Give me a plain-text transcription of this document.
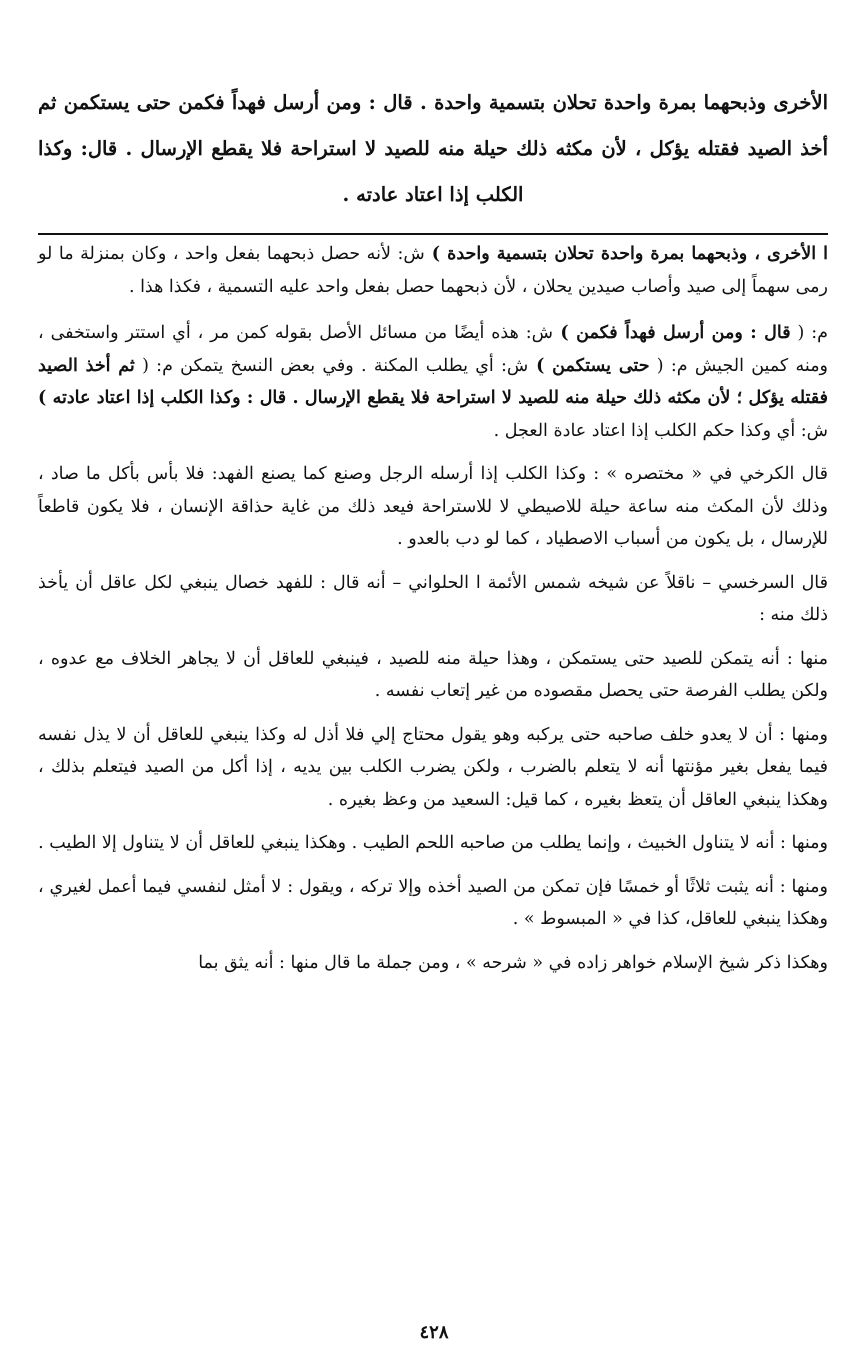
الأخرى وذبحهما بمرة واحدة تحلان بتسمية واحدة . قال : ومن أرسل فهداً فكمن حتى يستكمن ثم أخذ الصيد فقتله يؤكل ، لأن مكثه ذلك حيلة منه للصيد لا استراحة فلا يقطع الإرسال . قال: وكذا الكلب إذا اعتاد عادته .

ا الأخرى ، وذبحهما بمرة واحدة تحلان بتسمية واحدة ) ش: لأنه حصل ذبحهما بفعل واحد ، وكان بمنزلة ما لو رمى سهماً إلى صيد وأصاب صيدين يحلان ، لأن ذبحهما حصل بفعل واحد عليه التسمية ، فكذا هذا .

م: ( قال : ومن أرسل فهداً فكمن ) ش: هذه أيضًا من مسائل الأصل بقوله كمن مر ، أي استتر واستخفى ، ومنه كمين الجيش م: ( حتى يستكمن ) ش: أي يطلب المكنة . وفي بعض النسخ يتمكن م: ( ثم أخذ الصيد فقتله يؤكل ؛ لأن مكثه ذلك حيلة منه للصيد لا استراحة فلا يقطع الإرسال . قال : وكذا الكلب إذا اعتاد عادته ) ش: أي وكذا حكم الكلب إذا اعتاد عادة العجل .

قال الكرخي في « مختصره » : وكذا الكلب إذا أرسله الرجل وصنع كما يصنع الفهد: فلا بأس بأكل ما صاد ، وذلك لأن المكث منه ساعة حيلة للاصيطي لا للاستراحة فيعد ذلك من غاية حذاقة الإنسان ، فلا يكون قاطعاً للإرسال ، بل يكون من أسباب الاصطياد ، كما لو دب بالعدو .

قال السرخسي – ناقلاً عن شيخه شمس الأئمة ا الحلواني – أنه قال : للفهد خصال ينبغي لكل عاقل أن يأخذ ذلك منه :

منها : أنه يتمكن للصيد حتى يستمكن ، وهذا حيلة منه للصيد ، فينبغي للعاقل أن لا يجاهر الخلاف مع عدوه ، ولكن يطلب الفرصة حتى يحصل مقصوده من غير إتعاب نفسه .

ومنها : أن لا يعدو خلف صاحبه حتى يركبه وهو يقول محتاج إلي فلا أذل له وكذا ينبغي للعاقل أن لا يذل نفسه فيما يفعل بغير مؤنتها أنه لا يتعلم بالضرب ، ولكن يضرب الكلب بين يديه ، إذا أكل من الصيد فيتعلم بذلك ، وهكذا ينبغي العاقل أن يتعظ بغيره ، كما قيل: السعيد من وعظ بغيره .

ومنها : أنه لا يتناول الخبيث ، وإنما يطلب من صاحبه اللحم الطيب . وهكذا ينبغي للعاقل أن لا يتناول إلا الطيب .

ومنها : أنه يثبت ثلاثًا أو خمسًا فإن تمكن من الصيد أخذه وإلا تركه ، ويقول : لا أمثل لنفسي فيما أعمل لغيري ، وهكذا ينبغي للعاقل، كذا في « المبسوط » .

وهكذا ذكر شيخ الإسلام خواهر زاده في « شرحه » ، ومن جملة ما قال منها : أنه يثق بما

٤٢٨
